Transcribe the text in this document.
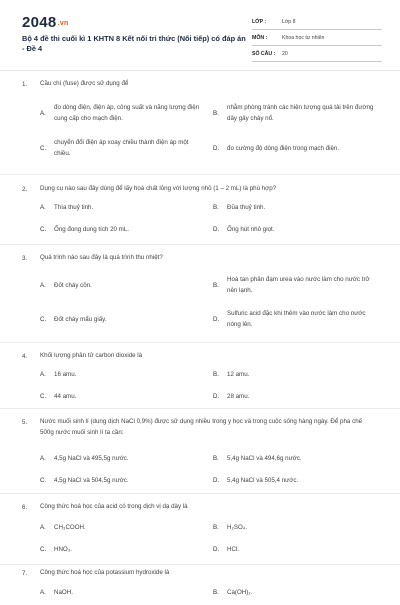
2048.vn
Bộ 4 đề thi cuối kì 1 KHTN 8 Kết nối tri thức (Nối tiếp) có đáp án - Đề 4
LỚP :	Lớp 8
MÔN :	Khoa học tự nhiên
SỐ CÂU :	20
1. Cầu chì (fuse) được sử dụng để
A.
đo dòng điện, điện áp, công suất và năng lượng điện cung cấp cho mạch điện.
B.
nhằm phòng tránh các hiện tượng quá tải trên đường dây gây cháy nổ.
C.
chuyển đổi điện áp xoay chiều thành điện áp một chiều.
D.	đo cường độ dòng điện trong mạch điện.
2. Dụng cụ nào sau đây dùng để lấy hoá chất lỏng với lượng nhỏ (1 – 2 mL) là phù hợp?
A.	Thìa thuỷ tinh.	B.	Đũa thuỷ tinh.
C.	Ống đong dung tích 20 mL.	D.	Ống hút nhỏ giọt.
3. Quá trình nào sau đây là quá trình thu nhiệt?
A.	Đốt cháy cồn.	B.
Hoà tan phân đạm urea vào nước làm cho nước trở nên lạnh.
C.	Đốt cháy mẩu giấy.	D.
Sulfuric acid đặc khi thêm vào nước làm cho nước nóng lên.
4. Khối lượng phân tử carbon dioxide là
A.	16 amu.	B.	12 amu.
C.	44 amu.	D.	28 amu.
5. Nước muối sinh lí (dung dịch NaCl 0,9%) được sử dụng nhiều trong y học và trong cuộc sống hàng ngày. Để pha chế 500g nước muối sinh lí ta cần:
A.	4,5g NaCl và 495,5g nước.	B.	5,4g NaCl và 494,6g nước.
C.	4,5g NaCl và 504,5g nước.	D.	5,4g NaCl và 505,4 nước.
6. Công thức hoá học của acid có trong dịch vị dạ dày là
A.	CH₃COOH.	B.	H₂SO₄.
C.	HNO₃.	D.	HCl.
7. Công thức hoá học của potassium hydroxide là
A.	NaOH.	B.	Ca(OH)₂.
